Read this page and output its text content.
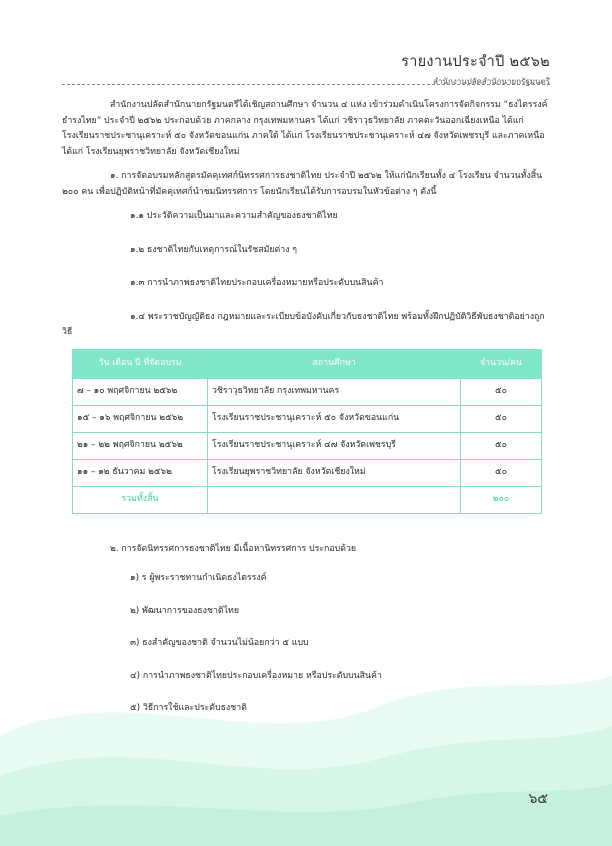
รายงานประจำปี ๒๕๖๒
สำนักงานปลัดสำนักนายกรัฐมนตรี

สำนักงานปลัดสำนักนายกรัฐมนตรีได้เชิญสถานศึกษา จำนวน ๔ แห่ง เข้าร่วมดำเนินโครงการจัดกิจกรรม “ธงไตรรงค์ ธำรงไทย” ประจำปี ๒๕๖๒ ประกอบด้วย ภาคกลาง กรุงเทพมหานคร ได้แก่ วชิราวุธวิทยาลัย ภาคตะวันออกเฉียงเหนือ ได้แก่ โรงเรียนราชประชานุเคราะห์ ๕๐ จังหวัดขอนแก่น ภาคใต้ ได้แก่ โรงเรียนราชประชานุเคราะห์ ๔๗ จังหวัดเพชรบุรี และภาคเหนือ ได้แก่ โรงเรียนยุพราชวิทยาลัย จังหวัดเชียงใหม่

๑. การจัดอบรมหลักสูตรมัคคุเทศก์นิทรรศการธงชาติไทย ประจำปี ๒๕๖๒ ให้แก่นักเรียนทั้ง ๔ โรงเรียน จำนวนทั้งสิ้น ๒๐๐ คน เพื่อปฏิบัติหน้าที่มัคคุเทศก์นำชมนิทรรศการ โดยนักเรียนได้รับการอบรมในหัวข้อต่าง ๆ ดังนี้

๑.๑ ประวัติความเป็นมาและความสำคัญของธงชาติไทย

๑.๒ ธงชาติไทยกับเหตุการณ์ในรัชสมัยต่าง ๆ

๑.๓ การนำภาพธงชาติไทยประกอบเครื่องหมายหรือประดับบนสินค้า

๑.๔ พระราชบัญญัติธง กฎหมายและระเบียบข้อบังคับเกี่ยวกับธงชาติไทย พร้อมทั้งฝึกปฏิบัติวิธีพับธงชาติอย่างถูกวิธี

วัน เดือน ปี ที่จัดอบรม	สถานศึกษา	จำนวน/คน
๗ – ๑๐ พฤศจิกายน ๒๕๖๒	วชิราวุธวิทยาลัย กรุงเทพมหานคร	๕๐
๑๕ – ๑๖ พฤศจิกายน ๒๕๖๒	โรงเรียนราชประชานุเคราะห์ ๕๐ จังหวัดขอนแก่น	๕๐
๒๑ – ๒๒ พฤศจิกายน ๒๕๖๒	โรงเรียนราชประชานุเคราะห์ ๔๗ จังหวัดเพชรบุรี	๕๐
๑๑ – ๑๒ ธันวาคม ๒๕๖๒	โรงเรียนยุพราชวิทยาลัย จังหวัดเชียงใหม่	๕๐
รวมทั้งสิ้น		๒๐๐

๒. การจัดนิทรรศการธงชาติไทย มีเนื้อหานิทรรศการ ประกอบด้วย

๑) ร ผู้พระราชทานกำเนิดธงไตรรงค์

๒) พัฒนาการของธงชาติไทย

๓) ธงสำคัญของชาติ จำนวนไม่น้อยกว่า ๕ แบบ

๔) การนำภาพธงชาติไทยประกอบเครื่องหมาย หรือประดับบนสินค้า

๕) วิธีการใช้และประดับธงชาติ

๖๕
